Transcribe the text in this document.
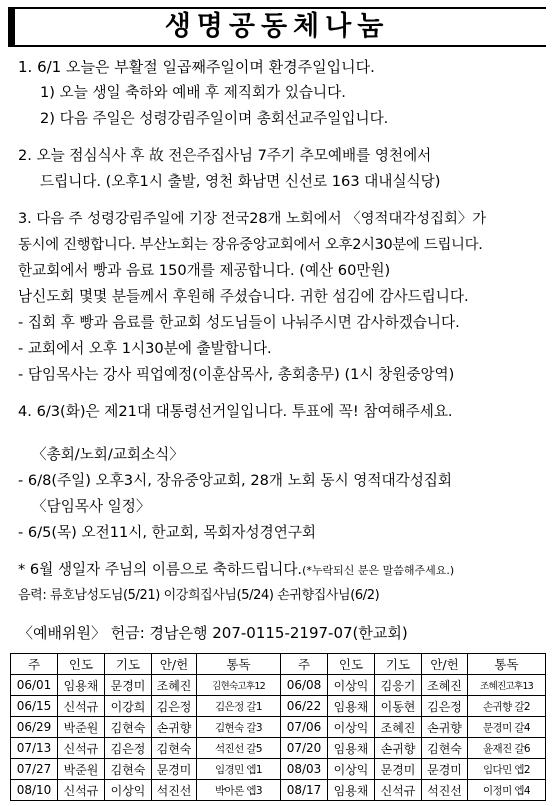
생명공동체나눔
1. 6/1 오늘은 부활절 일곱째주일이며 환경주일입니다.
1) 오늘 생일 축하와 예배 후 제직회가 있습니다.
2) 다음 주일은 성령강림주일이며 총회선교주일입니다.
2. 오늘 점심식사 후 故 전은주집사님 7주기 추모예배를 영천에서
드립니다. (오후1시 출발, 영천 화남면 신선로 163 대내실식당)
3. 다음 주 성령강림주일에 기장 전국28개 노회에서 〈영적대각성집회〉가
동시에 진행합니다. 부산노회는 장유중앙교회에서 오후2시30분에 드립니다.
한교회에서 빵과 음료 150개를 제공합니다. (예산 60만원)
남신도회 몇몇 분들께서 후원해 주셨습니다. 귀한 섬김에 감사드립니다.
- 집회 후 빵과 음료를 한교회 성도님들이 나눠주시면 감사하겠습니다.
- 교회에서 오후 1시30분에 출발합니다.
- 담임목사는 강사 픽업예정(이훈삼목사, 총회총무) (1시 창원중앙역)
4. 6/3(화)은 제21대 대통령선거일입니다. 투표에 꼭! 참여해주세요.
〈총회/노회/교회소식〉
- 6/8(주일) 오후3시, 장유중앙교회, 28개 노회 동시 영적대각성집회
〈담임목사 일정〉
- 6/5(목) 오전11시, 한교회, 목회자성경연구회
* 6월 생일자 주님의 이름으로 축하드립니다.(*누락되신 분은 말씀해주세요.)
음력: 류호남성도님(5/21) 이강희집사님(5/24) 손귀향집사님(6/2)
〈예배위원〉 헌금: 경남은행 207-0115-2197-07(한교회)
주	인도	기도	안/헌	통독	주	인도	기도	안/헌	통독
06/01	임용채	문경미	조혜진	김현숙고후12	06/08	이상익	김응기	조혜진	조혜진고후13
06/15	신석규	이강희	김은정	김은정 갈1	06/22	임용채	이동현	김은정	손귀향 갈2
06/29	박준원	김현숙	손귀향	김현숙 갈3	07/06	이상익	조혜진	손귀향	문경미 갈4
07/13	신석규	김은정	김현숙	석진선 갈5	07/20	임용채	손귀향	김현숙	윤재진 갈6
07/27	박준원	김현숙	문경미	임경민 엡1	08/03	이상익	문경미	문경미	임다민 엡2
08/10	신석규	이상익	석진선	박아론 엡3	08/17	임용채	신석규	석진선	이정미 엡4
